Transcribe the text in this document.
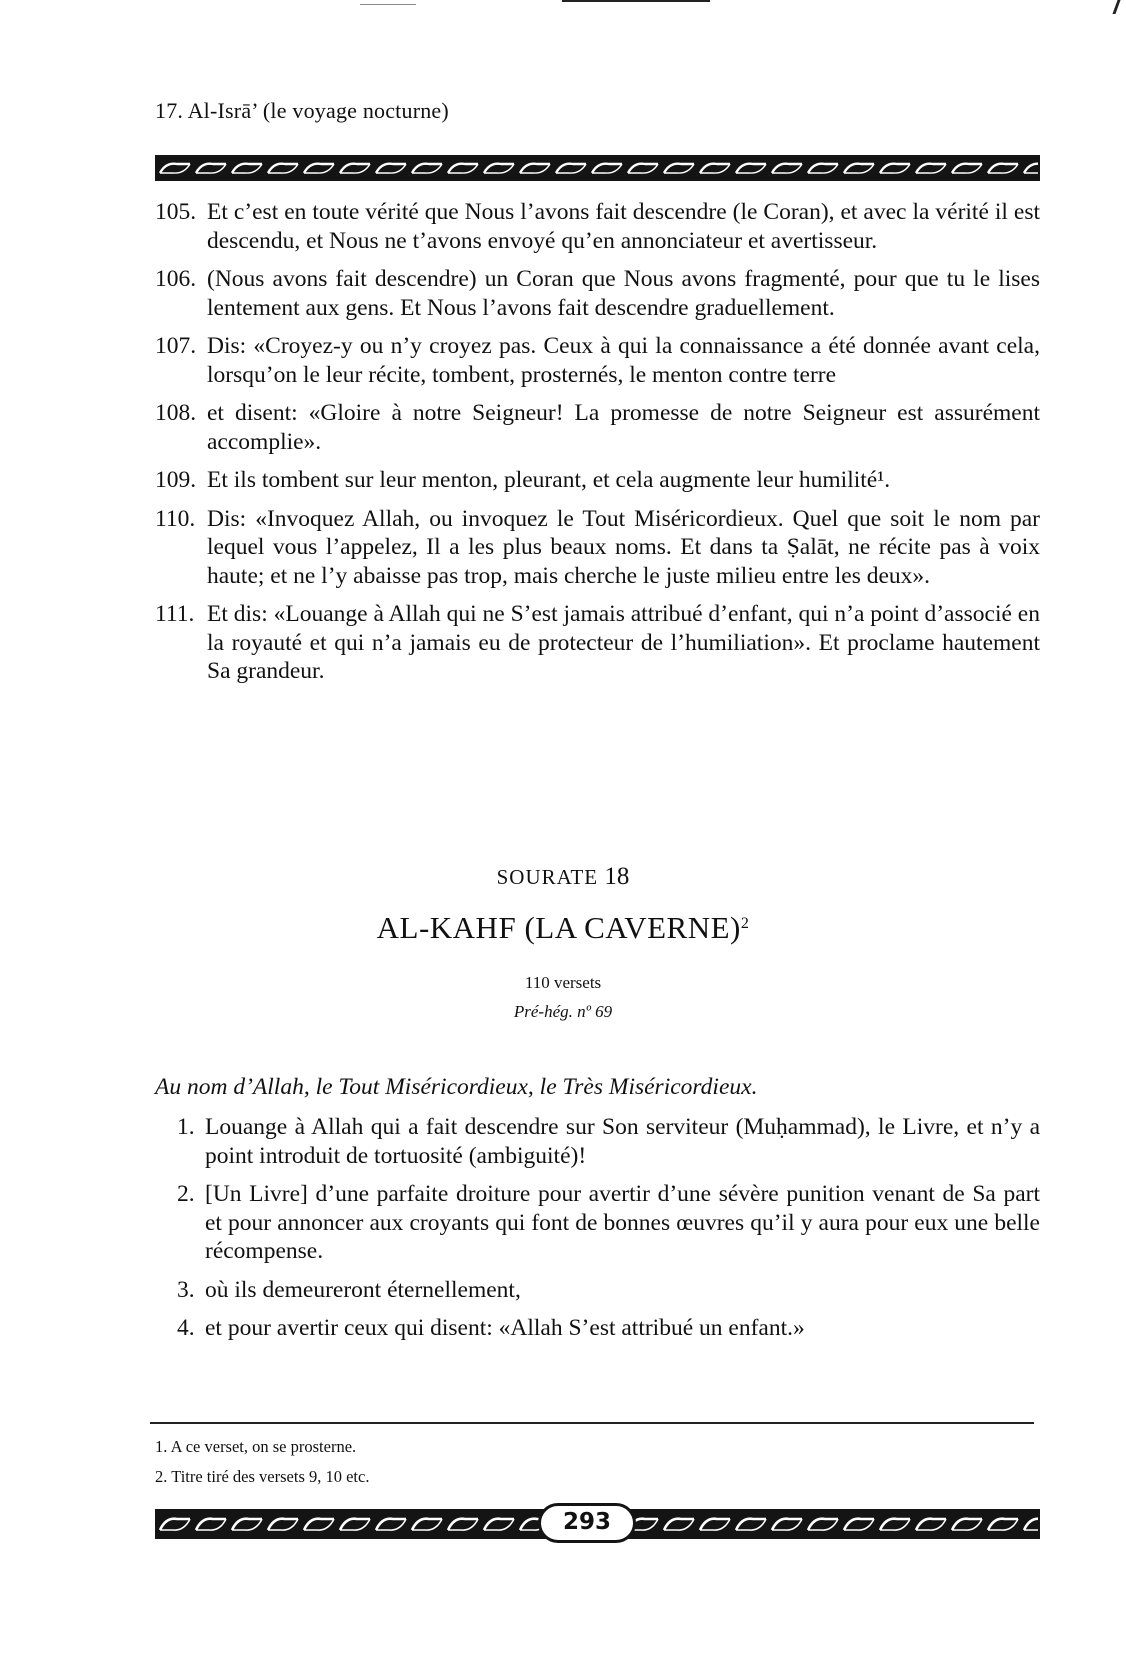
17. Al-Isrā’ (le voyage nocturne)
105. Et c’est en toute vérité que Nous l’avons fait descendre (le Coran), et avec la vérité il est descendu, et Nous ne t’avons envoyé qu’en annonciateur et avertisseur.
106. (Nous avons fait descendre) un Coran que Nous avons fragmenté, pour que tu le lises lentement aux gens. Et Nous l’avons fait descendre graduellement.
107. Dis: «Croyez-y ou n’y croyez pas. Ceux à qui la connaissance a été donnée avant cela, lorsqu’on le leur récite, tombent, prosternés, le menton contre terre
108. et disent: «Gloire à notre Seigneur! La promesse de notre Seigneur est assurément accomplie».
109. Et ils tombent sur leur menton, pleurant, et cela augmente leur humilité¹.
110. Dis: «Invoquez Allah, ou invoquez le Tout Miséricordieux. Quel que soit le nom par lequel vous l’appelez, Il a les plus beaux noms. Et dans ta Ṣalāt, ne récite pas à voix haute; et ne l’y abaisse pas trop, mais cherche le juste milieu entre les deux».
111. Et dis: «Louange à Allah qui ne S’est jamais attribué d’enfant, qui n’a point d’associé en la royauté et qui n’a jamais eu de protecteur de l’humiliation». Et proclame hautement Sa grandeur.
SOURATE 18
AL-KAHF (LA CAVERNE)$^2$
110 versets
Pré-hég. nº 69
Au nom d’Allah, le Tout Miséricordieux, le Très Miséricordieux.
1. Louange à Allah qui a fait descendre sur Son serviteur (Muḥammad), le Livre, et n’y a point introduit de tortuosité (ambiguité)!
2. [Un Livre] d’une parfaite droiture pour avertir d’une sévère punition venant de Sa part et pour annoncer aux croyants qui font de bonnes œuvres qu’il y aura pour eux une belle récompense.
3. où ils demeureront éternellement,
4. et pour avertir ceux qui disent: «Allah S’est attribué un enfant.»
1. A ce verset, on se prosterne.
2. Titre tiré des versets 9, 10 etc.
293
